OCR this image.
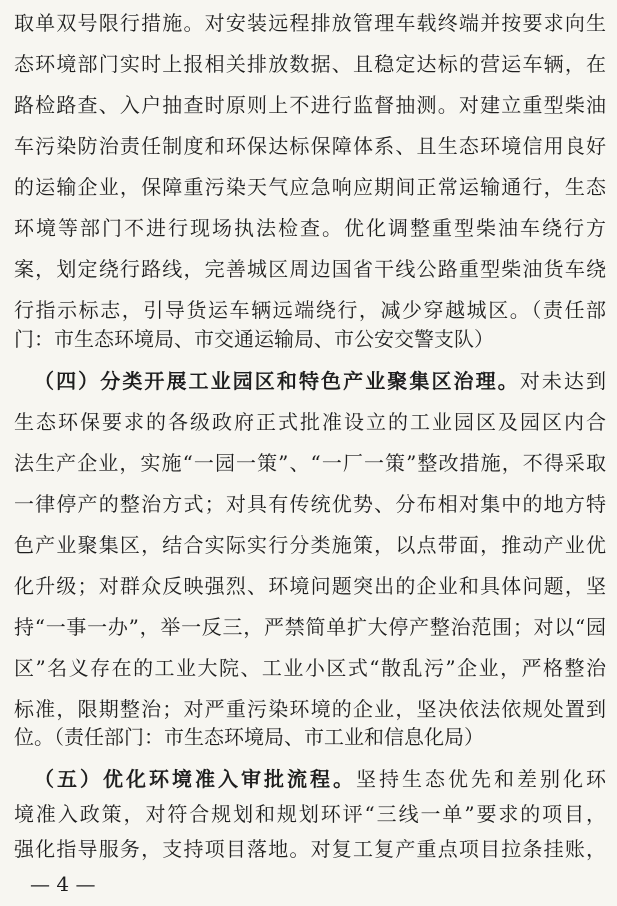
取单双号限行措施。对安装远程排放管理车载终端并按要求向生
态环境部门实时上报相关排放数据、且稳定达标的营运车辆，在
路检路查、入户抽查时原则上不进行监督抽测。对建立重型柴油
车污染防治责任制度和环保达标保障体系、且生态环境信用良好
的运输企业，保障重污染天气应急响应期间正常运输通行，生态
环境等部门不进行现场执法检查。优化调整重型柴油车绕行方
案，划定绕行路线，完善城区周边国省干线公路重型柴油货车绕
行指示标志，引导货运车辆远端绕行，减少穿越城区。（责任部
门：市生态环境局、市交通运输局、市公安交警支队）
（四）分类开展工业园区和特色产业聚集区治理。对未达到
生态环保要求的各级政府正式批准设立的工业园区及园区内合
法生产企业，实施“一园一策”、“一厂一策”整改措施，不得采取
一律停产的整治方式；对具有传统优势、分布相对集中的地方特
色产业聚集区，结合实际实行分类施策，以点带面，推动产业优
化升级；对群众反映强烈、环境问题突出的企业和具体问题，坚
持“一事一办”，举一反三，严禁简单扩大停产整治范围；对以“园
区”名义存在的工业大院、工业小区式“散乱污”企业，严格整治
标准，限期整治；对严重污染环境的企业，坚决依法依规处置到
位。（责任部门：市生态环境局、市工业和信息化局）
（五）优化环境准入审批流程。坚持生态优先和差别化环
境准入政策，对符合规划和规划环评“三线一单”要求的项目，
强化指导服务，支持项目落地。对复工复产重点项目拉条挂账，
— 4 —
